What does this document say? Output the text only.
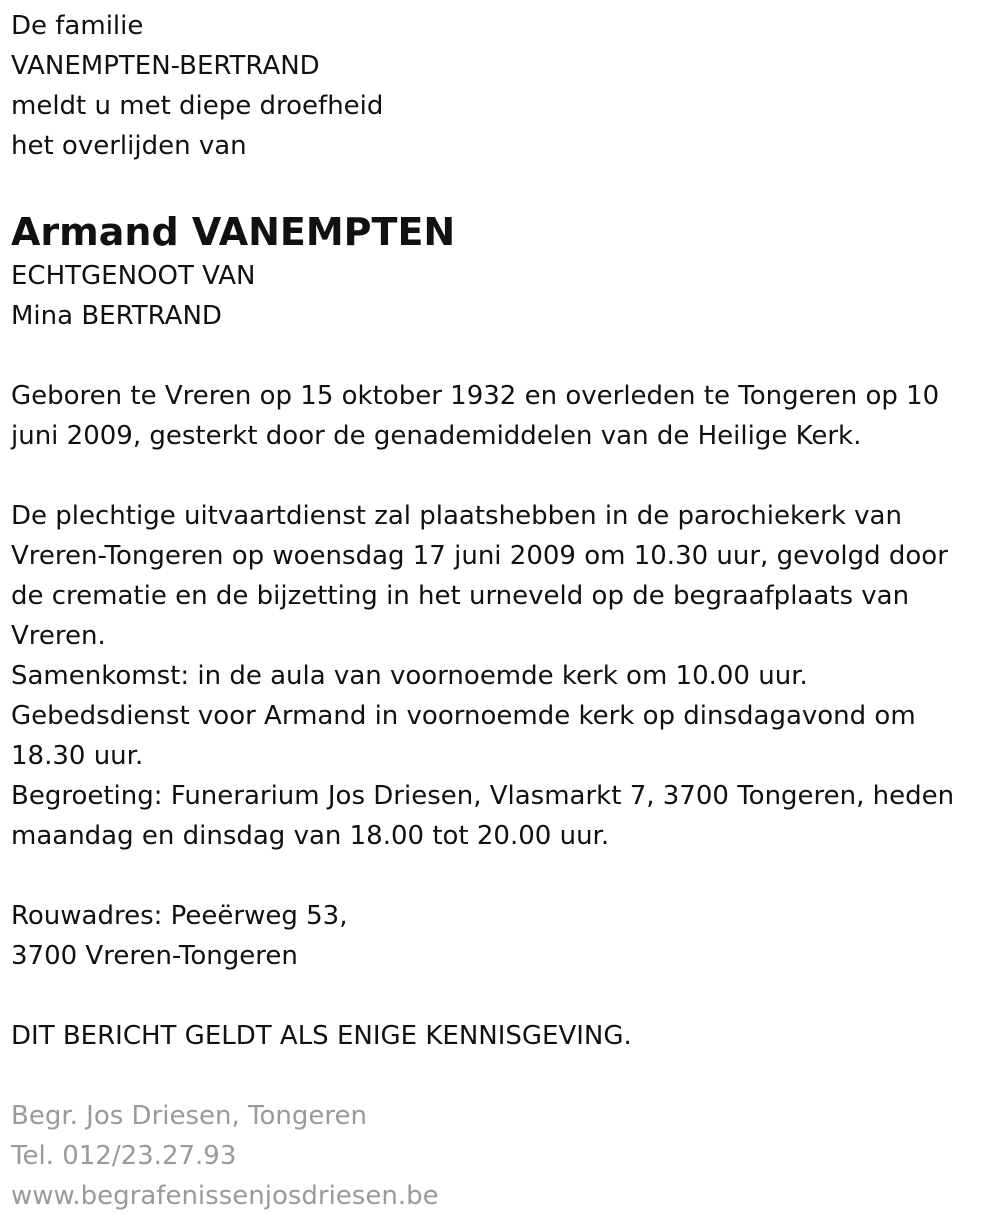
De familie
VANEMPTEN-BERTRAND
meldt u met diepe droefheid
het overlijden van
Armand VANEMPTEN
ECHTGENOOT VAN
Mina BERTRAND
Geboren te Vreren op 15 oktober 1932 en overleden te Tongeren op 10 juni 2009, gesterkt door de genademiddelen van de Heilige Kerk.
De plechtige uitvaartdienst zal plaatshebben in de parochiekerk van Vreren-Tongeren op woensdag 17 juni 2009 om 10.30 uur, gevolgd door de crematie en de bijzetting in het urneveld op de begraafplaats van Vreren.
Samenkomst: in de aula van voornoemde kerk om 10.00 uur.
Gebedsdienst voor Armand in voornoemde kerk op dinsdagavond om 18.30 uur.
Begroeting: Funerarium Jos Driesen, Vlasmarkt 7, 3700 Tongeren, heden maandag en dinsdag van 18.00 tot 20.00 uur.
Rouwadres: Peeërweg 53,
3700 Vreren-Tongeren
DIT BERICHT GELDT ALS ENIGE KENNISGEVING.
Begr. Jos Driesen, Tongeren
Tel. 012/23.27.93
www.begrafenissenjosdriesen.be
